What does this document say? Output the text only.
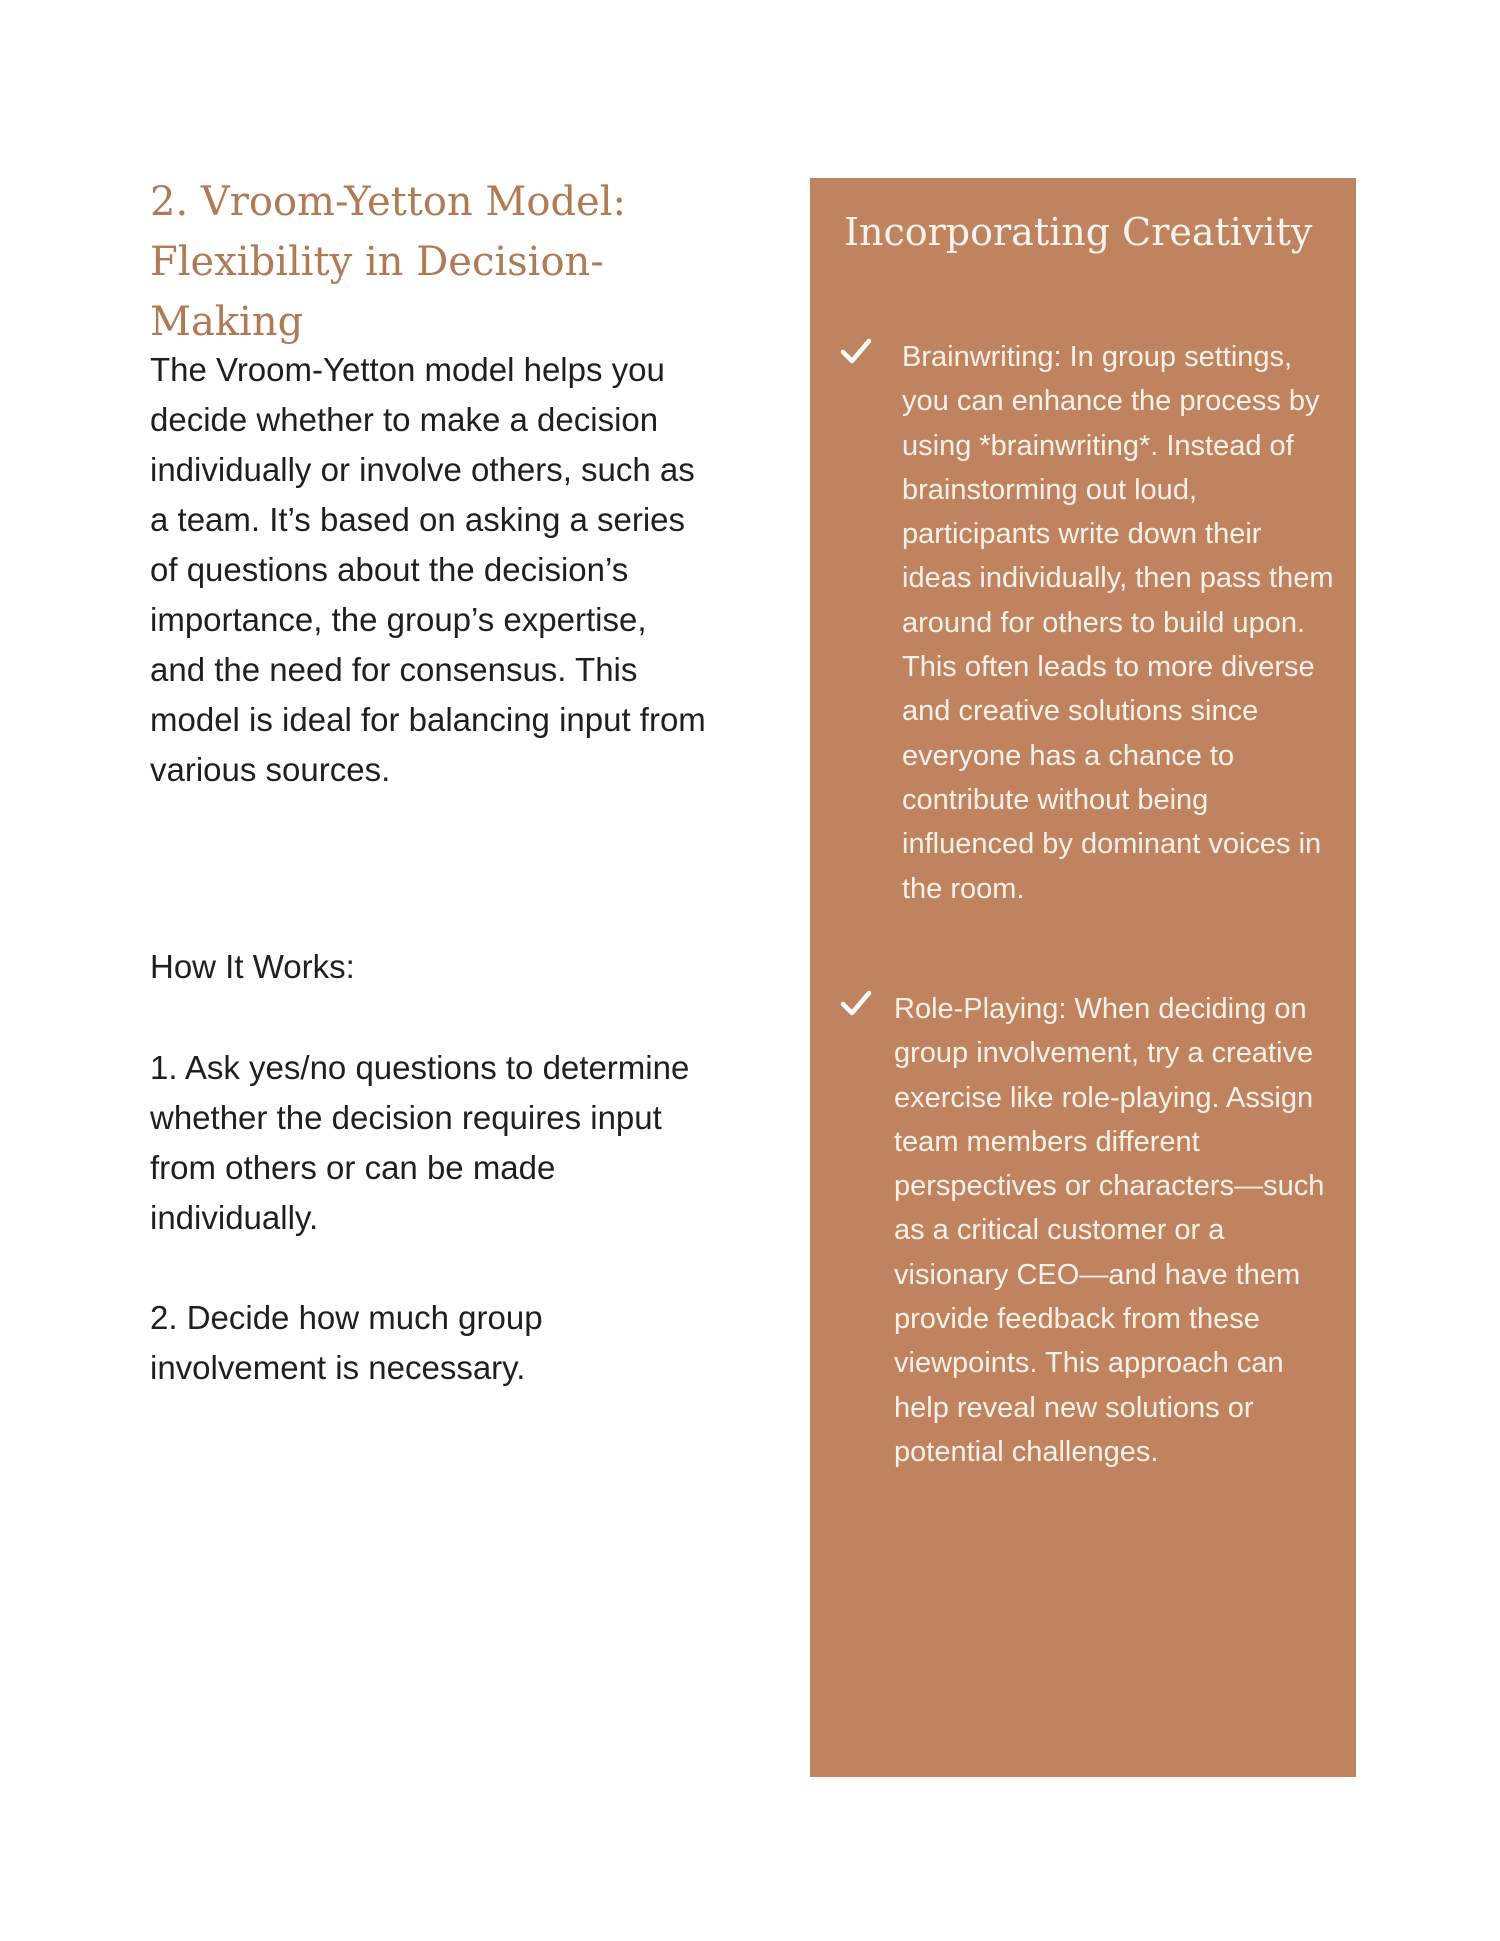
2. Vroom-Yetton Model:
Flexibility in Decision-Making

The Vroom-Yetton model helps you decide whether to make a decision individually or involve others, such as a team. It’s based on asking a series of questions about the decision’s importance, the group’s expertise, and the need for consensus. This model is ideal for balancing input from various sources.

How It Works:

1. Ask yes/no questions to determine whether the decision requires input from others or can be made individually.

2. Decide how much group involvement is necessary.

Incorporating Creativity

Brainwriting: In group settings, you can enhance the process by using *brainwriting*. Instead of brainstorming out loud, participants write down their ideas individually, then pass them around for others to build upon. This often leads to more diverse and creative solutions since everyone has a chance to contribute without being influenced by dominant voices in the room.

Role-Playing: When deciding on group involvement, try a creative exercise like role-playing. Assign team members different perspectives or characters—such as a critical customer or a visionary CEO—and have them provide feedback from these viewpoints. This approach can help reveal new solutions or potential challenges.
